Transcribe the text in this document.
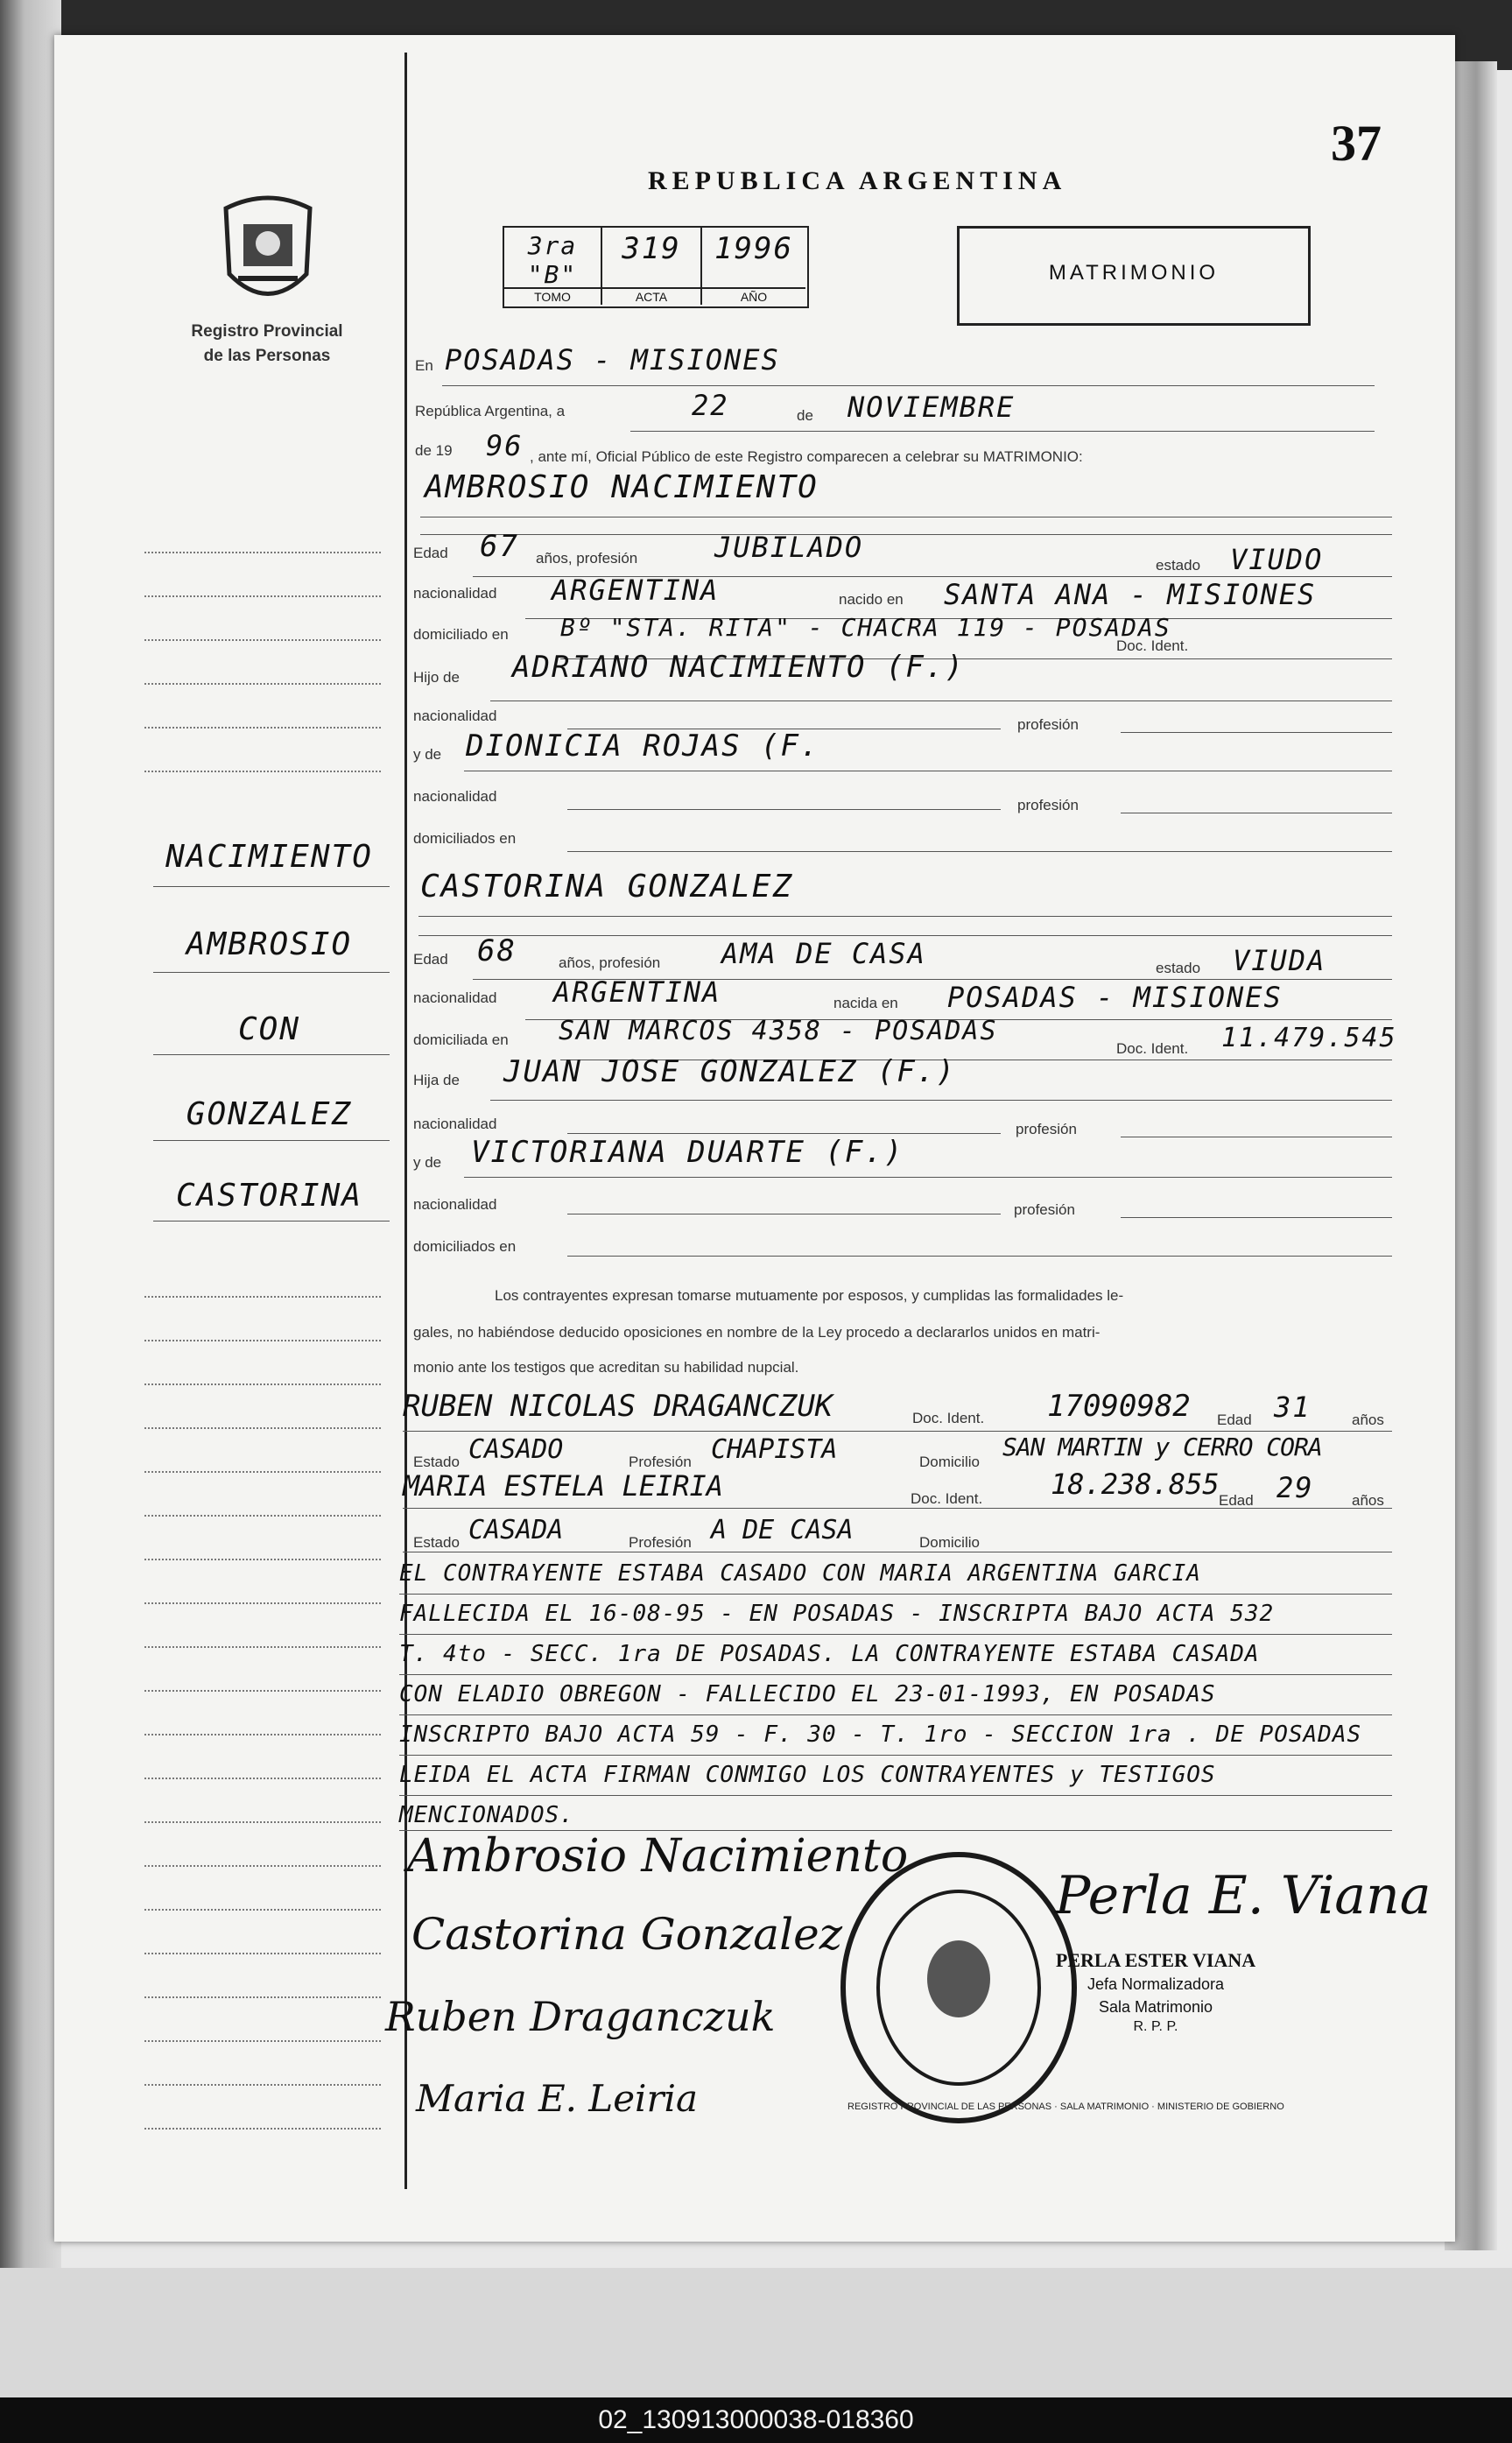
Registro Provincial
de las Personas
REPUBLICA ARGENTINA
37
3ra "B"
TOMO
319
ACTA
1996
AÑO
MATRIMONIO
NACIMIENTO
AMBROSIO
CON
GONZALEZ
CASTORINA
En POSADAS - MISIONES
República Argentina, a	22	de NOVIEMBRE
de 19 96 , ante mí, Oficial Público de este Registro comparecen a celebrar su MATRIMONIO:
AMBROSIO NACIMIENTO
Edad 67 años, profesión	JUBILADO
estado VIUDO
nacionalidad ARGENTINA	nacido en SANTA ANA - MISIONES
domiciliado en Bº "STA. RITA" - CHACRA 119 - POSADAS
Doc. Ident.
Hijo de ADRIANO NACIMIENTO (F.)
nacionalidad
profesión
y de DIONICIA ROJAS (F.
nacionalidad
profesión
domiciliados en
CASTORINA GONZALEZ
Edad 68	años, profesión AMA DE CASA	estado VIUDA
nacionalidad ARGENTINA	nacida en POSADAS - MISIONES
domiciliada en SAN MARCOS 4358 - POSADAS
Doc. Ident. 11.479.545
Hija de JUAN JOSE GONZALEZ (F.)
nacionalidad	profesión
y de VICTORIANA DUARTE (F.)
nacionalidad	profesión
domiciliados en
Los contrayentes expresan tomarse mutuamente por esposos, y cumplidas las formalidades le-
gales, no habiéndose deducido oposiciones en nombre de la Ley procedo a declararlos unidos en matri-
monio ante los testigos que acreditan su habilidad nupcial.
RUBEN NICOLAS DRAGANCZUK	Doc. Ident. 17090982 Edad 31	años
Estado CASADO	Profesión CHAPISTA	Domicilio
SAN MARTIN y CERRO CORA
MARIA ESTELA LEIRIA	Doc. Ident. 18.238.855 Edad 29	años
Estado CASADA	Profesión A DE CASA	Domicilio
EL CONTRAYENTE ESTABA CASADO CON MARIA ARGENTINA GARCIA
FALLECIDA EL 16-08-95 - EN POSADAS - INSCRIPTA BAJO ACTA 532
T. 4to - SECC. 1ra DE POSADAS. LA CONTRAYENTE ESTABA CASADA
CON ELADIO OBREGON - FALLECIDO EL 23-01-1993, EN POSADAS
INSCRIPTO BAJO ACTA 59 - F. 30 - T. 1ro - SECCION 1ra . DE POSADAS
LEIDA EL ACTA FIRMAN CONMIGO LOS CONTRAYENTES y TESTIGOS
MENCIONADOS.
Ambrosio Nacimiento
Castorina Gonzalez
Ruben Draganczuk
Maria E. Leiria	REGISTRO PROVINCIAL DE LAS PERSONAS · SALA MATRIMONIO · MINISTERIO DE GOBIERNO
Perla E. Viana
PERLA ESTER VIANA
Jefa Normalizadora
Sala Matrimonio
R. P. P.
02_130913000038-018360
